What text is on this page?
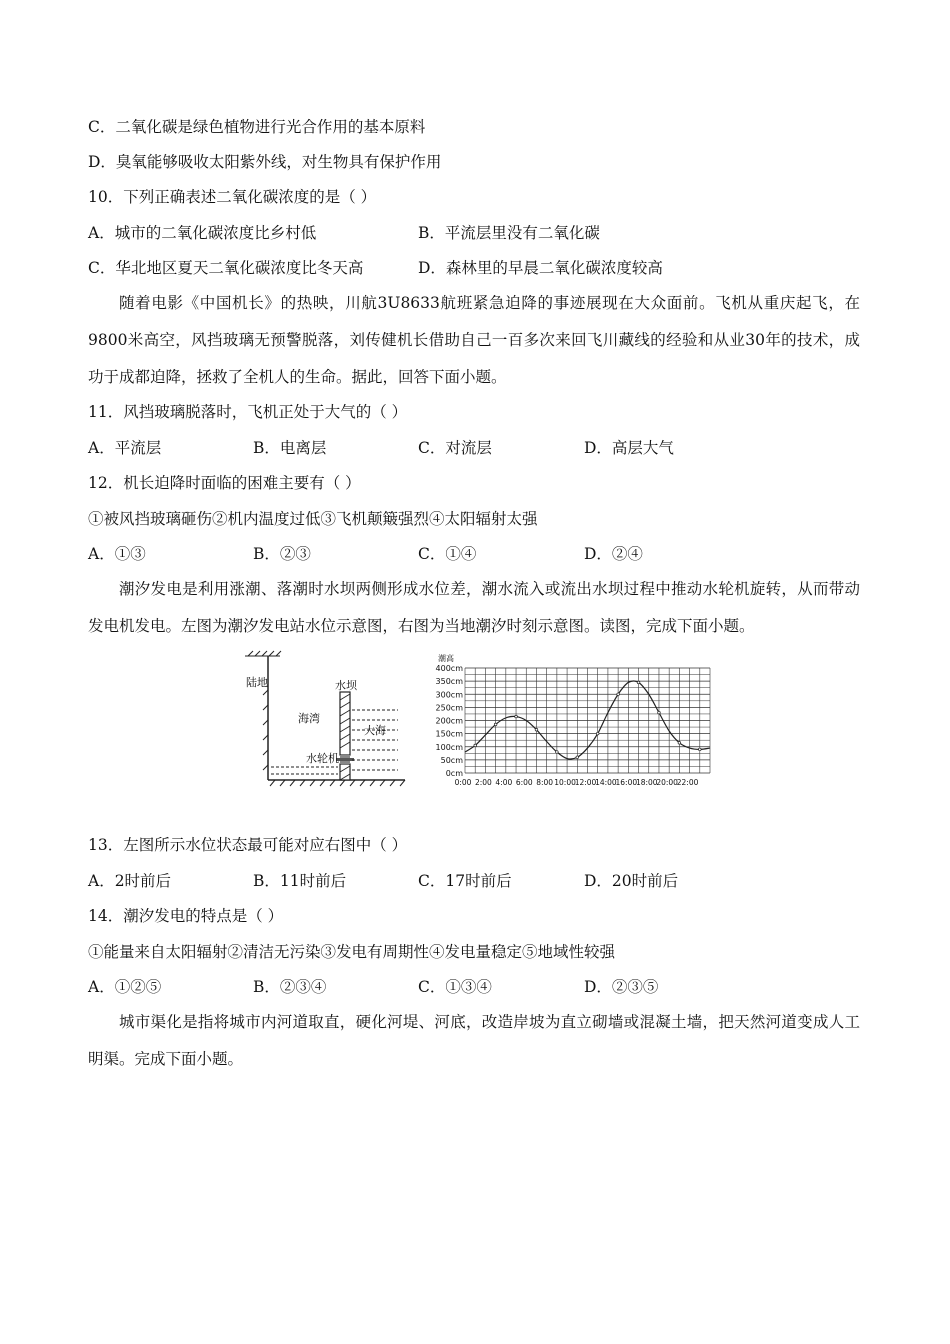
C．二氧化碳是绿色植物进行光合作用的基本原料
D．臭氧能够吸收太阳紫外线，对生物具有保护作用
10．下列正确表述二氧化碳浓度的是（ ）
A．城市的二氧化碳浓度比乡村低	B．平流层里没有二氧化碳
C．华北地区夏天二氧化碳浓度比冬天高	D．森林里的早晨二氧化碳浓度较高
随着电影《中国机长》的热映，川航3U8633航班紧急迫降的事迹展现在大众面前。飞机从重庆起飞，在9800米高空，风挡玻璃无预警脱落，刘传健机长借助自己一百多次来回飞川藏线的经验和从业30年的技术，成功于成都迫降，拯救了全机人的生命。据此，回答下面小题。
11．风挡玻璃脱落时，飞机正处于大气的（ ）
A．平流层	B．电离层	C．对流层	D．高层大气
12．机长迫降时面临的困难主要有（ ）
①被风挡玻璃砸伤②机内温度过低③飞机颠簸强烈④太阳辐射太强
A．①③	B．②③	C．①④	D．②④
潮汐发电是利用涨潮、落潮时水坝两侧形成水位差，潮水流入或流出水坝过程中推动水轮机旋转，从而带动发电机发电。左图为潮汐发电站水位示意图，右图为当地潮汐时刻示意图。读图，完成下面小题。
陆地	水坝
海湾
大海
水轮机
潮高
0cm
50cm
100cm
150cm
200cm
250cm
300cm
350cm
400cm
0:00 2:00 4:00 6:00 8:00 10:00
12:00
14:00
16:00
18:00
20:00
22:00
13．左图所示水位状态最可能对应右图中（ ）
A．2时前后	B．11时前后	C．17时前后	D．20时前后
14．潮汐发电的特点是（ ）
①能量来自太阳辐射②清洁无污染③发电有周期性④发电量稳定⑤地域性较强
A．①②⑤	B．②③④	C．①③④	D．②③⑤
城市渠化是指将城市内河道取直，硬化河堤、河底，改造岸坡为直立砌墙或混凝土墙，把天然河道变成人工明渠。完成下面小题。
